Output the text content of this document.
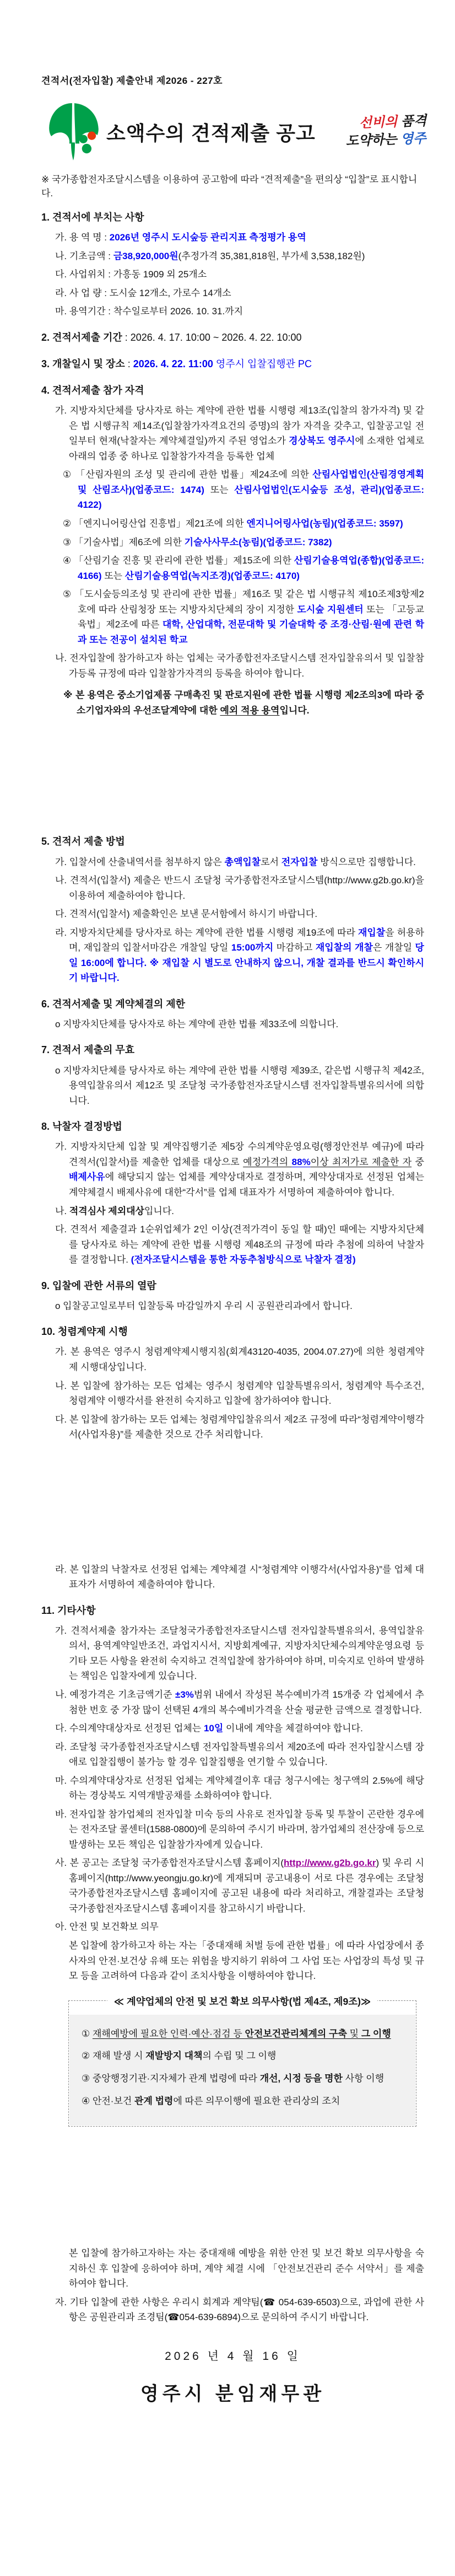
견적서(전자입찰) 제출안내 제2026 - 227호
소액수의 견적제출 공고	선비의 품격
도약하는 영주
※ 국가종합전자조달시스템을 이용하여 공고함에 따라 “견적제출”을 편의상 “입찰”로 표시합니다.
1. 견적서에 부치는 사항
가. 용 역 명 : 2026년 영주시 도시숲등 관리지표 측정평가 용역
나. 기초금액 : 금38,920,000원(추정가격 35,381,818원, 부가세 3,538,182원)
다. 사업위치 : 가흥동 1909 외 25개소
라. 사 업 량 : 도시숲 12개소, 가로수 14개소
마. 용역기간 : 착수일로부터 2026. 10. 31.까지
2. 견적서제출 기간 : 2026. 4. 17. 10:00 ~ 2026. 4. 22. 10:00
3. 개찰일시 및 장소 : 2026. 4. 22. 11:00 영주시 입찰집행관 PC
4. 견적서제출 참가 자격
가. 지방자치단체를 당사자로 하는 계약에 관한 법률 시행령 제13조(입찰의 참가자격) 및 같은 법 시행규칙 제14조(입찰참가자격요건의 증명)의 참가 자격을 갖추고, 입찰공고일 전일부터 현재(낙찰자는 계약체결일)까지 주된 영업소가 경상북도 영주시에 소재한 업체로 아래의 업종 중 하나로 입찰참가자격을 등록한 업체
① 「산림자원의 조성 및 관리에 관한 법률」제24조에 의한 산림사업법인(산림경영계획 및 산림조사)(업종코드: 1474) 또는 산림사업법인(도시숲등 조성, 관리)(업종코드: 4122)
② 「엔지니어링산업 진흥법」제21조에 의한 엔지니어링사업(농림)(업종코드: 3597)
③ 「기술사법」제6조에 의한 기술사사무소(농림)(업종코드: 7382)
④ 「산림기술 진흥 및 관리에 관한 법률」제15조에 의한 산림기술용역업(종합)(업종코드: 4166) 또는 산림기술용역업(녹지조경)(업종코드: 4170)
⑤ 「도시숲등의조성 및 관리에 관한 법률」제16조 및 같은 법 시행규칙 제10조제3항제2호에 따라 산림청장 또는 지방자치단체의 장이 지정한 도시숲 지원센터 또는 「고등교육법」제2조에 따른 대학, 산업대학, 전문대학 및 기술대학 중 조경·산림·원예 관련 학과 또는 전공이 설치된 학교
나. 전자입찰에 참가하고자 하는 업체는 국가종합전자조달시스템 전자입찰유의서 및 입찰참가등록 규정에 따라 입찰참가자격의 등록을 하여야 합니다.
※ 본 용역은 중소기업제품 구매촉진 및 판로지원에 관한 법률 시행령 제2조의3에 따라 중소기업자와의 우선조달계약에 대한 예외 적용 용역입니다.
5. 견적서 제출 방법
가. 입찰서에 산출내역서를 첨부하지 않은 총액입찰로서 전자입찰 방식으로만 집행합니다.
나. 견적서(입찰서) 제출은 반드시 조달청 국가종합전자조달시스템(http://www.g2b.go.kr)을 이용하여 제출하여야 합니다.
다. 견적서(입찰서) 제출확인은 보낸 문서함에서 하시기 바랍니다.
라. 지방자치단체를 당사자로 하는 계약에 관한 법률 시행령 제19조에 따라 재입찰을 허용하며, 재입찰의 입찰서마감은 개찰일 당일 15:00까지 마감하고 재입찰의 개찰은 개찰일 당일 16:00에 합니다. ※ 재입찰 시 별도로 안내하지 않으니, 개찰 결과를 반드시 확인하시기 바랍니다.
6. 견적서제출 및 계약체결의 제한
o 지방자치단체를 당사자로 하는 계약에 관한 법률 제33조에 의합니다.
7. 견적서 제출의 무효
o 지방자치단체를 당사자로 하는 계약에 관한 법률 시행령 제39조, 같은법 시행규칙 제42조, 용역입찰유의서 제12조 및 조달청 국가종합전자조달시스템 전자입찰특별유의서에 의합니다.
8. 낙찰자 결정방법
가. 지방자치단체 입찰 및 계약집행기준 제5장 수의계약운영요령(행정안전부 예규)에 따라 견적서(입찰서)를 제출한 업체를 대상으로 예정가격의 88%이상 최저가로 제출한 자 중 배제사유에 해당되지 않는 업체를 계약상대자로 결정하며, 계약상대자로 선정된 업체는 계약체결시 배제사유에 대한“각서”를 업체 대표자가 서명하여 제출하여야 합니다.
나. 적격심사 제외대상입니다.
다. 견적서 제출결과 1순위업체가 2인 이상(견적가격이 동일 할 때)인 때에는 지방자치단체를 당사자로 하는 계약에 관한 법률 시행령 제48조의 규정에 따라 추첨에 의하여 낙찰자를 결정합니다. (전자조달시스템을 통한 자동추첨방식으로 낙찰자 결정)
9. 입찰에 관한 서류의 열람
o 입찰공고일로부터 입찰등록 마감일까지 우리 시 공원관리과에서 합니다.
10. 청렴계약제 시행
가. 본 용역은 영주시 청렴계약제시행지침(회계43120-4035, 2004.07.27)에 의한 청렴계약제 시행대상입니다.
나. 본 입찰에 참가하는 모든 업체는 영주시 청렴계약 입찰특별유의서, 청렴계약 특수조건, 청렴계약 이행각서를 완전히 숙지하고 입찰에 참가하여야 합니다.
다. 본 입찰에 참가하는 모든 업체는 청렴계약입찰유의서 제2조 규정에 따라“청렴계약이행각서(사업자용)”를 제출한 것으로 간주 처리합니다.
라. 본 입찰의 낙찰자로 선정된 업체는 계약체결 시“청렴계약 이행각서(사업자용)”를 업체 대표자가 서명하여 제출하여야 합니다.
11. 기타사항
가. 견적서제출 참가자는 조달청국가종합전자조달시스템 전자입찰특별유의서, 용역입찰유의서, 용역계약일반조건, 과업지시서, 지방회계예규, 지방자치단체수의계약운영요령 등 기타 모든 사항을 완전히 숙지하고 견적입찰에 참가하여야 하며, 미숙지로 인하여 발생하는 책임은 입찰자에게 있습니다.
나. 예정가격은 기초금액기준 ±3%범위 내에서 작성된 복수예비가격 15개중 각 업체에서 추첨한 번호 중 가장 많이 선택된 4개의 복수예비가격을 산술 평균한 금액으로 결정합니다.
다. 수의계약대상자로 선정된 업체는 10일 이내에 계약을 체결하여야 합니다.
라. 조달청 국가종합전자조달시스템 전자입찰특별유의서 제20조에 따라 전자입찰시스템 장애로 입찰집행이 불가능 할 경우 입찰집행을 연기할 수 있습니다.
마. 수의계약대상자로 선정된 업체는 계약체결이후 대금 청구시에는 청구액의 2.5%에 해당하는 경상북도 지역개발공채를 소화하여야 합니다.
바. 전자입찰 참가업체의 전자입찰 미숙 등의 사유로 전자입찰 등록 및 투찰이 곤란한 경우에는 전자조달 콜센터(1588-0800)에 문의하여 주시기 바라며, 참가업체의 전산장애 등으로 발생하는 모든 책임은 입찰참가자에게 있습니다.
사. 본 공고는 조달청 국가종합전자조달시스템 홈페이지(http://www.g2b.go.kr) 및 우리 시 홈페이지(http://www.yeongju.go.kr)에 게재되며 공고내용이 서로 다른 경우에는 조달청 국가종합전자조달시스템 홈페이지에 공고된 내용에 따라 처리하고, 개찰결과는 조달청 국가종합전자조달시스템 홈페이지를 참고하시기 바랍니다.
아. 안전 및 보건확보 의무
본 입찰에 참가하고자 하는 자는「중대재해 처벌 등에 관한 법률」에 따라 사업장에서 종사자의 안전·보건상 유해 또는 위험을 방지하기 위하여 그 사업 또는 사업장의 특성 및 규모 등을 고려하여 다음과 같이 조치사항을 이행하여야 합니다.
≪ 계약업체의 안전 및 보건 확보 의무사항(법 제4조, 제9조)≫
① 재해예방에 필요한 인력·예산·점검 등 안전보건관리체계의 구축 및 그 이행
② 재해 발생 시 재발방지 대책의 수립 및 그 이행
③ 중앙행정기관·지자체가 관계 법령에 따라 개선, 시정 등을 명한 사항 이행
④ 안전·보건 관계 법령에 따른 의무이행에 필요한 관리상의 조치
본 입찰에 참가하고자하는 자는 중대재해 예방을 위한 안전 및 보건 확보 의무사항을 숙지하신 후 입찰에 응하여야 하며, 계약 체결 시에 「안전보건관리 준수 서약서」를 제출하여야 합니다.
자. 기타 입찰에 관한 사항은 우리시 회계과 계약팀(☎ 054-639-6503)으로, 과업에 관한 사항은 공원관리과 조경팀(☎054-639-6894)으로 문의하여 주시기 바랍니다.
2026 년 4 월 16 일
영주시 분임재무관
